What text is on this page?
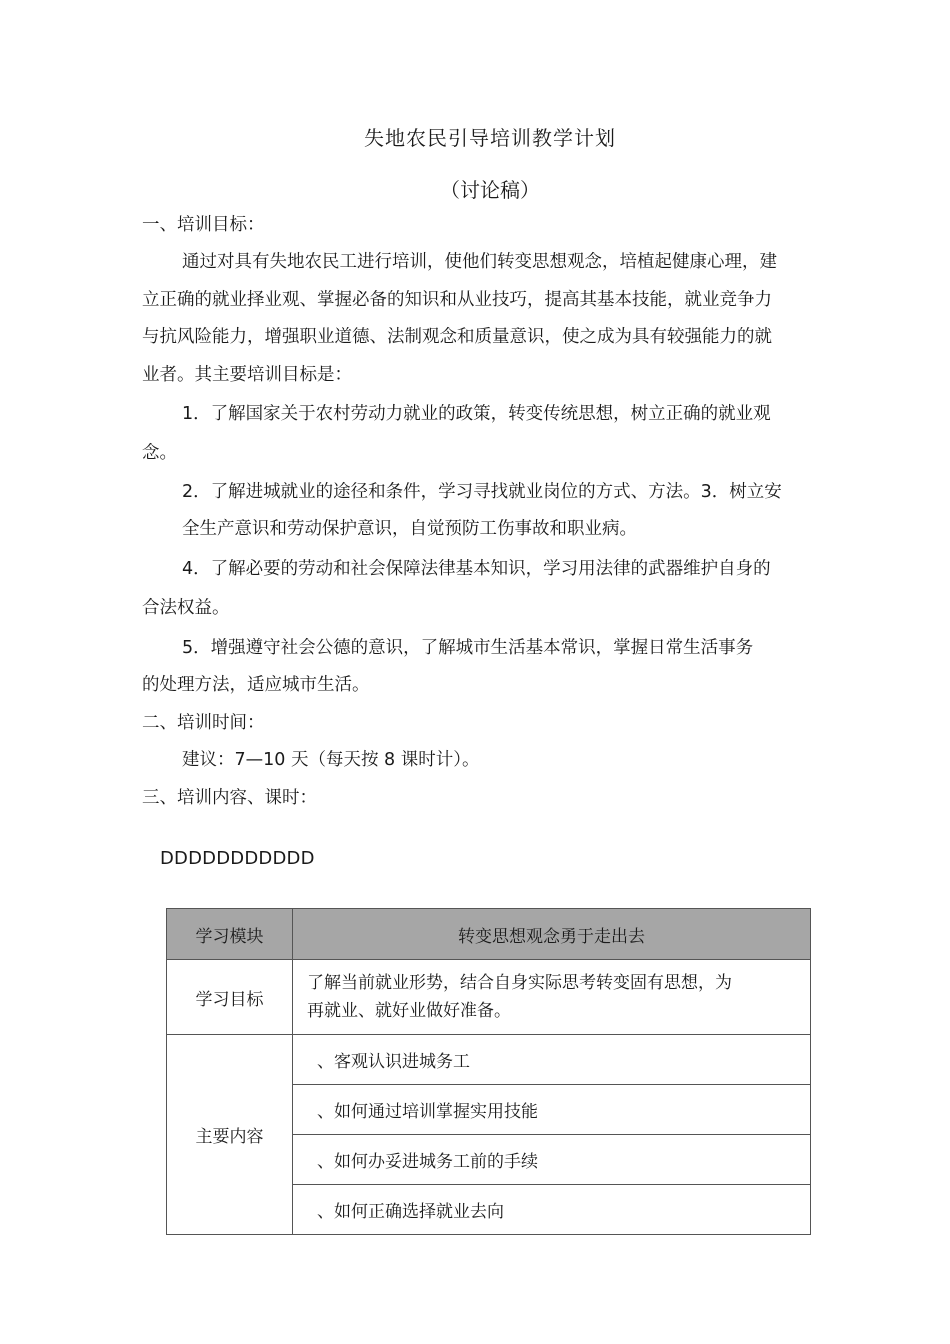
失地农民引导培训教学计划
（讨论稿）
一、培训目标：
通过对具有失地农民工进行培训，使他们转变思想观念，培植起健康心理，建
立正确的就业择业观、掌握必备的知识和从业技巧，提高其基本技能，就业竞争力
与抗风险能力，增强职业道德、法制观念和质量意识，使之成为具有较强能力的就
业者。其主要培训目标是：
1．了解国家关于农村劳动力就业的政策，转变传统思想，树立正确的就业观
念。
2．了解进城就业的途径和条件，学习寻找就业岗位的方式、方法。3．树立安
全生产意识和劳动保护意识，自觉预防工伤事故和职业病。
4．了解必要的劳动和社会保障法律基本知识，学习用法律的武器维护自身的
合法权益。
5．增强遵守社会公德的意识，了解城市生活基本常识，掌握日常生活事务
的处理方法，适应城市生活。
二、培训时间：
建议：7—10 天（每天按 8 课时计）。
三、培训内容、课时：
DDDDDDDDDDD
学习模块	转变思想观念勇于走出去
学习目标	了解当前就业形势，结合自身实际思考转变固有思想，为
再就业、就好业做好准备。

主要内容	、客观认识进城务工
	、如何通过培训掌握实用技能
	、如何办妥进城务工前的手续
	、如何正确选择就业去向
